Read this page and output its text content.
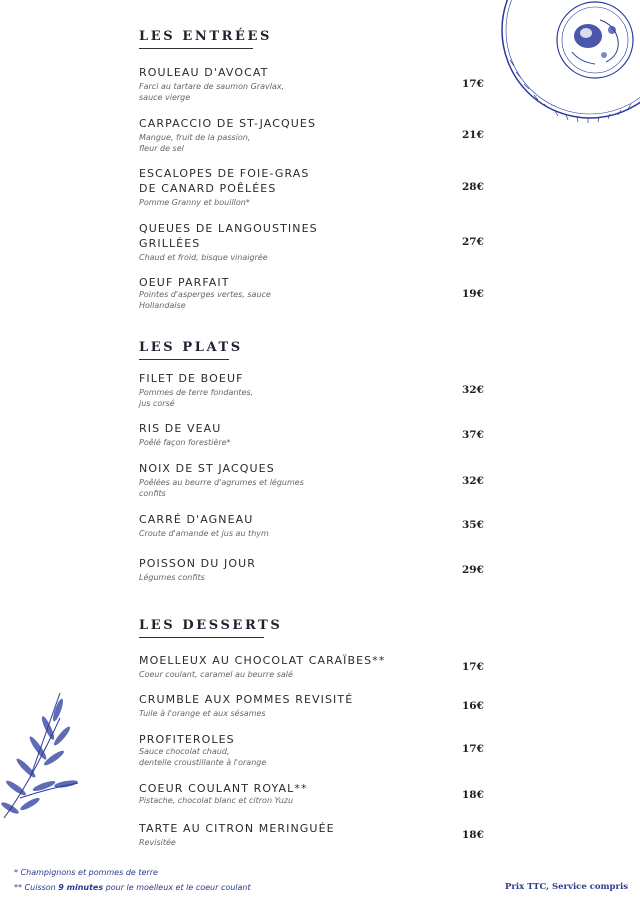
LES ENTRÉES
LES PLATS
LES DESSERTS
ROULEAU D'AVOCAT
Farci au tartare de saumon Gravlax,
sauce vierge
17€
CARPACCIO DE ST-JACQUES
Mangue, fruit de la passion,
fleur de sel
21€
ESCALOPES DE FOIE-GRAS
DE CANARD POÊLÉES
Pomme Granny et bouillon*
28€
QUEUES DE LANGOUSTINES
GRILLÉES
Chaud et froid, bisque vinaigrée
27€
OEUF PARFAIT
Pointes d'asperges vertes, sauce
Hollandaise
19€
FILET DE BOEUF
Pommes de terre fondantes,
jus corsé
32€
RIS DE VEAU
Poêlé façon forestière*
37€
NOIX DE ST JACQUES
Poêlées au beurre d'agrumes et légumes
confits
32€
CARRÉ D'AGNEAU
Croute d'amande et jus au thym
35€
POISSON DU JOUR
Légumes confits
29€
MOELLEUX AU CHOCOLAT CARAÏBES**
Coeur coulant, caramel au beurre salé
17€
CRUMBLE AUX POMMES REVISITÉ
Tuile à l'orange et aux sésames
16€
PROFITEROLES
Sauce chocolat chaud,
dentelle croustillante à l'orange
17€
COEUR COULANT ROYAL**
Pistache, chocolat blanc et citron Yuzu	18€
TARTE AU CITRON MERINGUÉE
Revisitée
18€
* Champignons et pommes de terre
** Cuisson 9 minutes pour le moelleux et le coeur coulant	Prix TTC, Service compris
